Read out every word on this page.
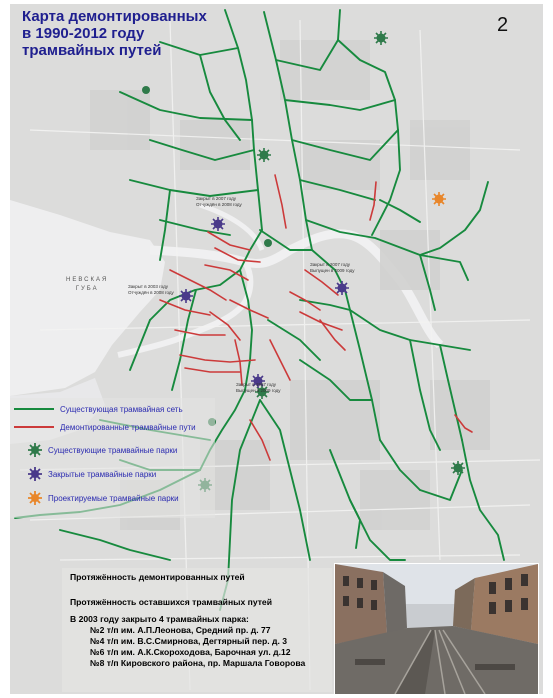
Карта демонтированных
в 1990-2012 году
трамвайных путей
2
НЕВСКАЯ
ГУБА
Закрыт в 2007 году
Отчуждён в 2008 году
Закрыт в 2007 году
Выпущен в 2009 году
Закрыт в 2003 году
Отчуждён в 2008 году
Закрыт в 1997 году
Выпущен в 2009 году
Существующая трамвайная сеть
Демонтированные трамвайные пути
Существующие трамвайные парки
Закрытые трамвайные парки
Проектируемые трамвайные парки
Протяжённость демонтированных путей
Протяжённость оставшихся трамвайных путей
В 2003 году закрыто 4 трамвайных парка:
№2 т/п им. А.П.Леонова, Средний пр. д. 77
№4 т/п им. В.С.Смирнова, Дегтярный пер. д. 3
№6 т/п им. А.К.Скороходова, Барочная ул. д.12
№8 т/п Кировского района, пр. Маршала Говорова
